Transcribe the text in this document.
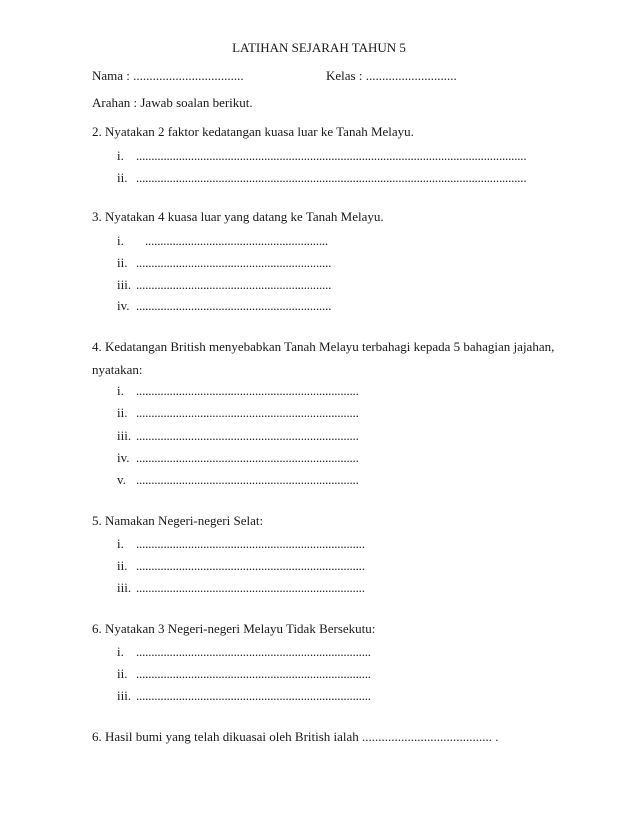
LATIHAN SEJARAH TAHUN 5
Nama : ..................................	Kelas : ............................
Arahan : Jawab soalan berikut.
2. Nyatakan 2 faktor kedatangan kuasa luar ke Tanah Melayu.
i. ................................................................................................................................
ii. ................................................................................................................................
3. Nyatakan 4 kuasa luar yang datang ke Tanah Melayu.
i. ............................................................
ii. ................................................................
iii. ................................................................
iv. ................................................................
4. Kedatangan British menyebabkan Tanah Melayu terbahagi kepada 5 bahagian jajahan,
nyatakan:
i. .........................................................................
ii. .........................................................................
iii. .........................................................................
iv. .........................................................................
v. .........................................................................
5. Namakan Negeri-negeri Selat:
i. ...........................................................................
ii. ...........................................................................
iii. ...........................................................................
6. Nyatakan 3 Negeri-negeri Melayu Tidak Bersekutu:
i. .............................................................................
ii. .............................................................................
iii. .............................................................................
6. Hasil bumi yang telah dikuasai oleh British ialah ........................................ .
